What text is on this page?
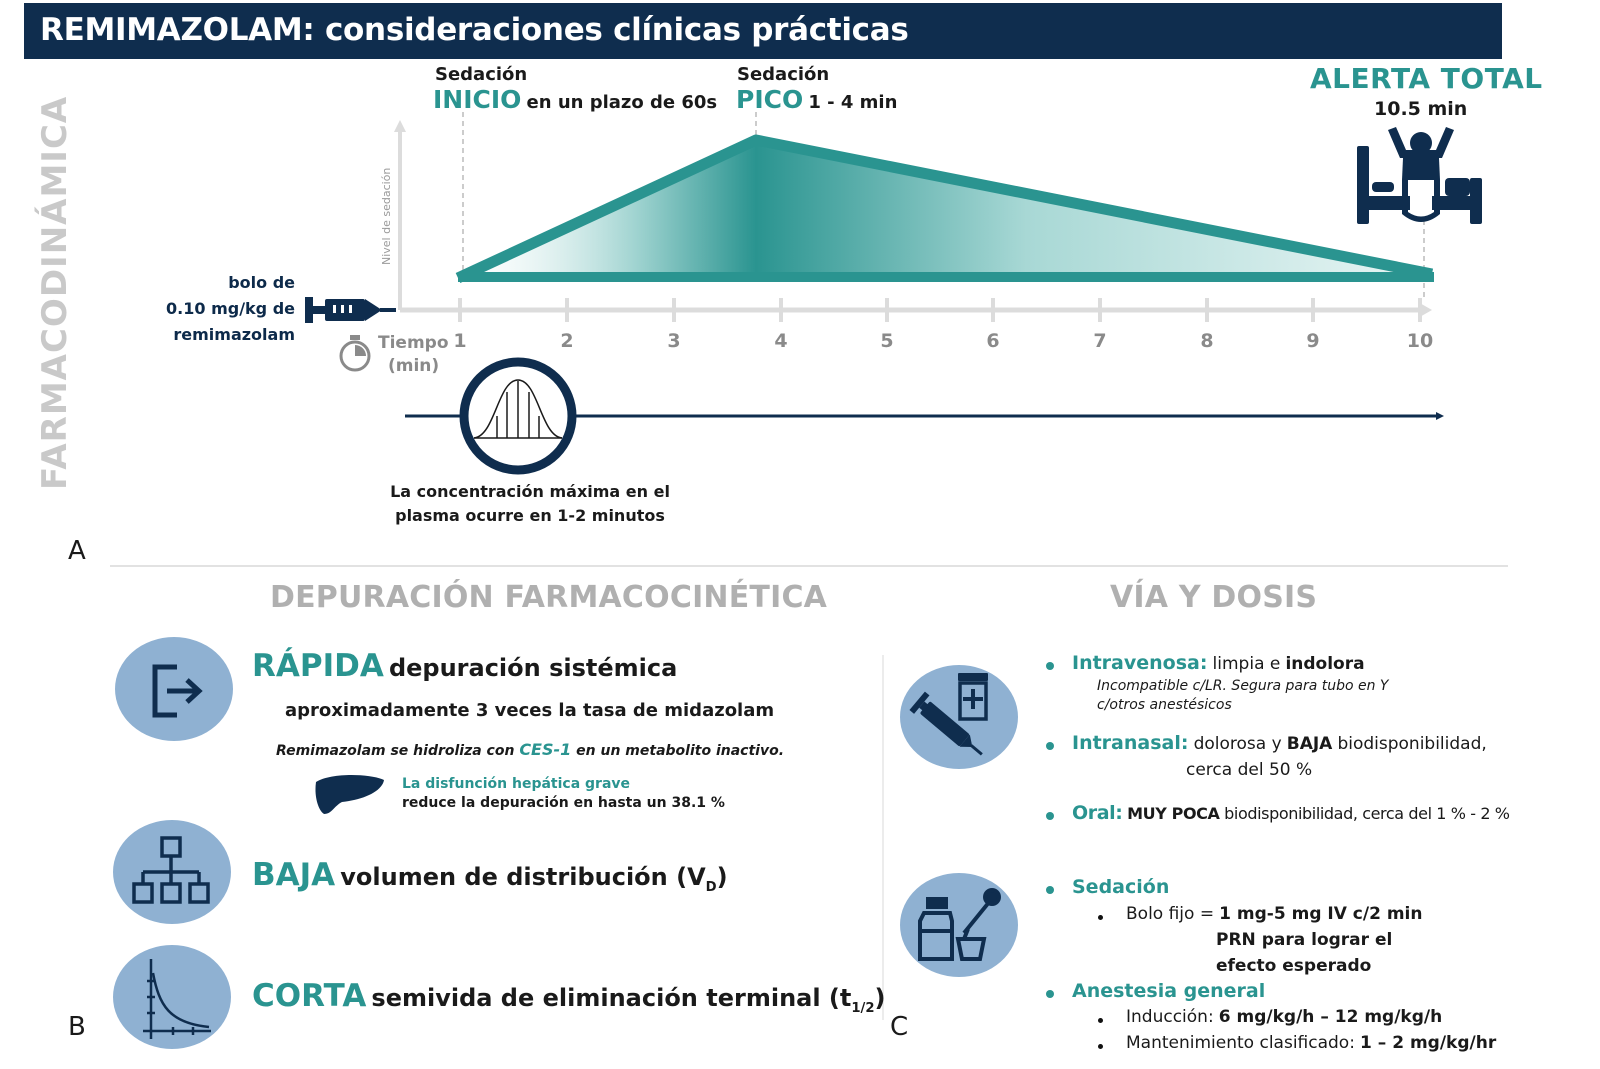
REMIMAZOLAM: consideraciones clínicas prácticas
FARMACODINÁMICA
Sedación
INICIO en un plazo de 60s
Sedación
PICO 1 - 4 min
ALERTA TOTAL
10.5 min
Nivel de sedación
1	2	3	4	5	6	7	8	9	10
Tiempo
(min)
bolo de
0.10 mg/kg de
remimazolam
La concentración máxima en el
plasma ocurre en 1-2 minutos
A
DEPURACIÓN FARMACOCINÉTICA
RÁPIDA depuración sistémica
aproximadamente 3 veces la tasa de midazolam
Remimazolam se hidroliza con CES-1 en un metabolito inactivo.
La disfunción hepática grave
reduce la depuración en hasta un 38.1 %
BAJA volumen de distribución $(V_D)$
CORTA semivida de eliminación terminal $(t_{1/2})$
B
VÍA Y DOSIS
Intravenosa: limpia e indolora
Incompatible c/LR. Segura para tubo en Y
c/otros anestésicos
Intranasal: dolorosa y BAJA biodisponibilidad,
cerca del 50 %
Oral: MUY POCA biodisponibilidad, cerca del 1 % - 2 %
Sedación
Bolo fijo = 1 mg-5 mg IV c/2 min
PRN para lograr el
efecto esperado
Anestesia general
Inducción: 6 mg/kg/h – 12 mg/kg/h
Mantenimiento clasificado: 1 – 2 mg/kg/hr
C
